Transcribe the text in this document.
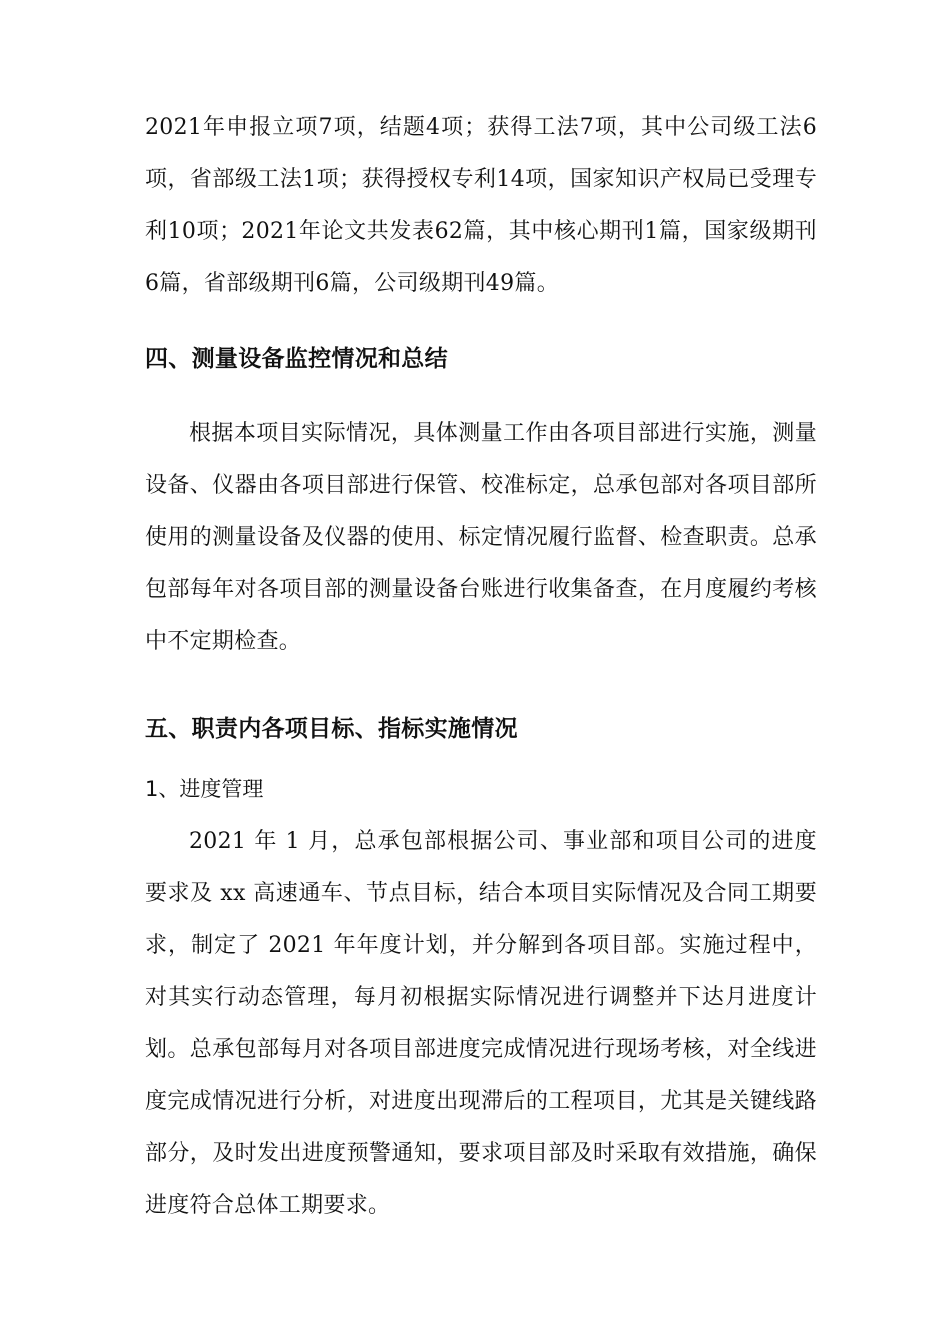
2021年申报立项7项，结题4项；获得工法7项，其中公司级工法6项，省部级工法1项；获得授权专利14项，国家知识产权局已受理专利10项；2021年论文共发表62篇，其中核心期刊1篇，国家级期刊6篇，省部级期刊6篇，公司级期刊49篇。

四、测量设备监控情况和总结

根据本项目实际情况，具体测量工作由各项目部进行实施，测量设备、仪器由各项目部进行保管、校准标定，总承包部对各项目部所使用的测量设备及仪器的使用、标定情况履行监督、检查职责。总承包部每年对各项目部的测量设备台账进行收集备查，在月度履约考核中不定期检查。

五、职责内各项目标、指标实施情况
1、进度管理

2021 年 1 月，总承包部根据公司、事业部和项目公司的进度要求及 xx 高速通车、节点目标，结合本项目实际情况及合同工期要求，制定了 2021 年年度计划，并分解到各项目部。实施过程中，对其实行动态管理，每月初根据实际情况进行调整并下达月进度计划。总承包部每月对各项目部进度完成情况进行现场考核，对全线进度完成情况进行分析，对进度出现滞后的工程项目，尤其是关键线路部分，及时发出进度预警通知，要求项目部及时采取有效措施，确保进度符合总体工期要求。
